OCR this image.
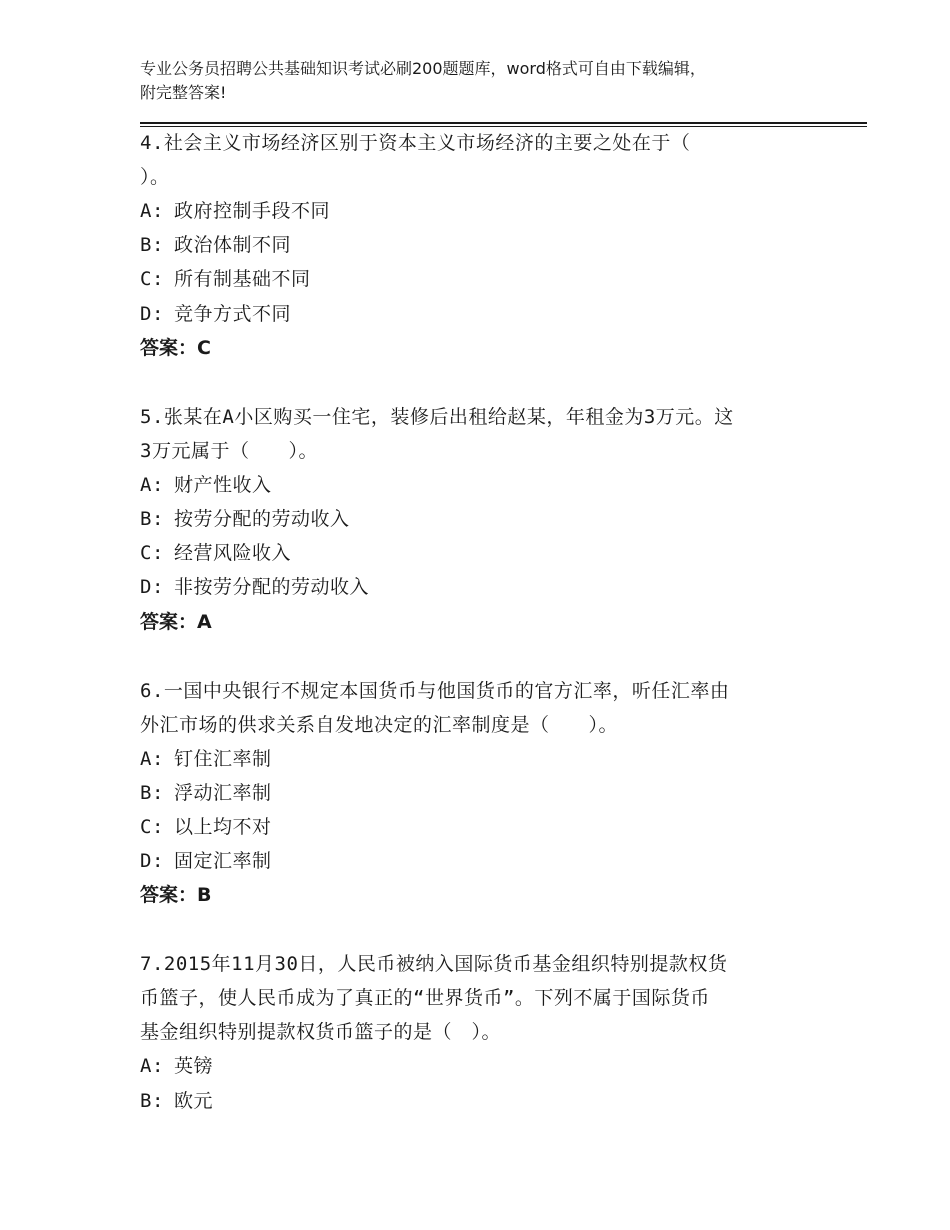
专业公务员招聘公共基础知识考试必刷200题题库，word格式可自由下载编辑，
附完整答案!

4.社会主义市场经济区别于资本主义市场经济的主要之处在于（
）。

A: 政府控制手段不同

B: 政治体制不同

C: 所有制基础不同

D: 竞争方式不同

答案：C

5.张某在A小区购买一住宅，装修后出租给赵某，年租金为3万元。这
3万元属于（　　）。

A: 财产性收入

B: 按劳分配的劳动收入

C: 经营风险收入

D: 非按劳分配的劳动收入

答案：A

6.一国中央银行不规定本国货币与他国货币的官方汇率，听任汇率由
外汇市场的供求关系自发地决定的汇率制度是（　　）。

A: 钉住汇率制

B: 浮动汇率制

C: 以上均不对

D: 固定汇率制

答案：B

7.2015年11月30日，人民币被纳入国际货币基金组织特别提款权货
币篮子，使人民币成为了真正的“世界货币”。下列不属于国际货币
基金组织特别提款权货币篮子的是（　）。

A: 英镑

B: 欧元
